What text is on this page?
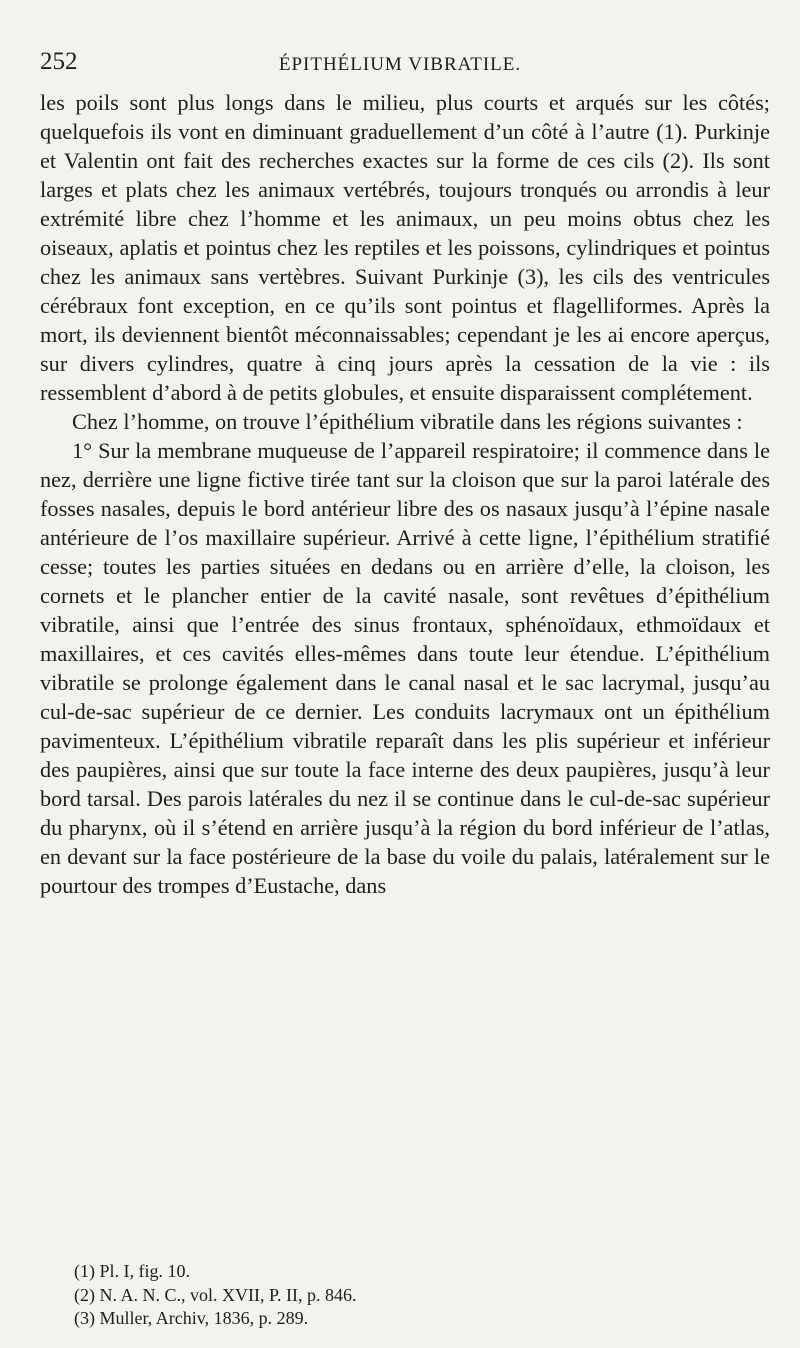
252	ÉPITHÉLIUM VIBRATILE.

les poils sont plus longs dans le milieu, plus courts et arqués sur les côtés; quelquefois ils vont en diminuant graduellement d’un côté à l’autre (1). Purkinje et Valentin ont fait des recherches exactes sur la forme de ces cils (2). Ils sont larges et plats chez les animaux vertébrés, toujours tronqués ou arrondis à leur extrémité libre chez l’homme et les animaux, un peu moins obtus chez les oiseaux, aplatis et pointus chez les reptiles et les poissons, cylindriques et pointus chez les animaux sans vertèbres. Suivant Purkinje (3), les cils des ventricules cérébraux font exception, en ce qu’ils sont pointus et flagelliformes. Après la mort, ils deviennent bientôt méconnaissables; cependant je les ai encore aperçus, sur divers cylindres, quatre à cinq jours après la cessation de la vie : ils ressemblent d’abord à de petits globules, et ensuite disparaissent complétement.

Chez l’homme, on trouve l’épithélium vibratile dans les régions suivantes :

1° Sur la membrane muqueuse de l’appareil respiratoire; il commence dans le nez, derrière une ligne fictive tirée tant sur la cloison que sur la paroi latérale des fosses nasales, depuis le bord antérieur libre des os nasaux jusqu’à l’épine nasale antérieure de l’os maxillaire supérieur. Arrivé à cette ligne, l’épithélium stratifié cesse; toutes les parties situées en dedans ou en arrière d’elle, la cloison, les cornets et le plancher entier de la cavité nasale, sont revêtues d’épithélium vibratile, ainsi que l’entrée des sinus frontaux, sphénoïdaux, ethmoïdaux et maxillaires, et ces cavités elles-mêmes dans toute leur étendue. L’épithélium vibratile se prolonge également dans le canal nasal et le sac lacrymal, jusqu’au cul-de-sac supérieur de ce dernier. Les conduits lacrymaux ont un épithélium pavimenteux. L’épithélium vibratile reparaît dans les plis supérieur et inférieur des paupières, ainsi que sur toute la face interne des deux paupières, jusqu’à leur bord tarsal. Des parois latérales du nez il se continue dans le cul-de-sac supérieur du pharynx, où il s’étend en arrière jusqu’à la région du bord inférieur de l’atlas, en devant sur la face postérieure de la base du voile du palais, latéralement sur le pourtour des trompes d’Eustache, dans

(1) Pl. I, fig. 10.
(2) N. A. N. C., vol. XVII, P. II, p. 846.
(3) Muller, Archiv, 1836, p. 289.
